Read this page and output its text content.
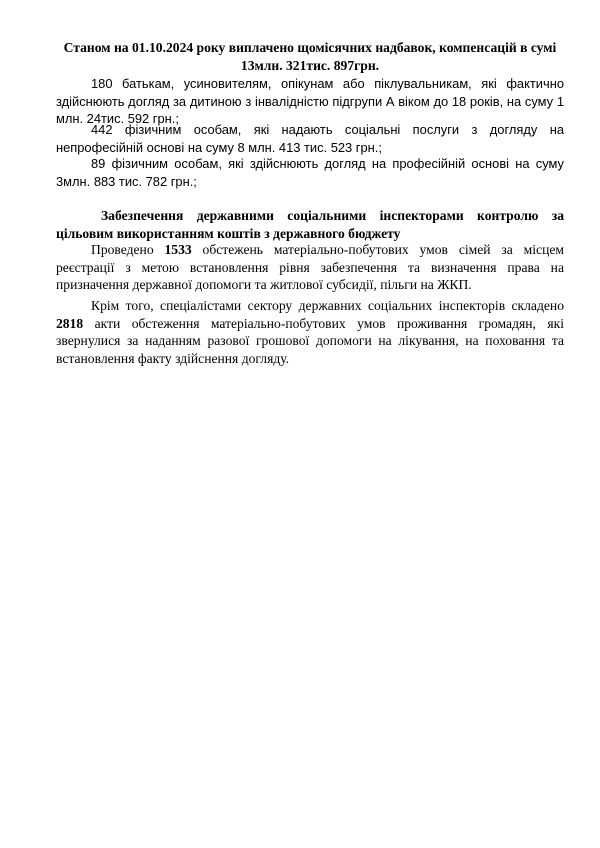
Станом на 01.10.2024 року виплачено щомісячних надбавок, компенсацій в сумі 13млн. 321тис. 897грн.
180 батькам, усиновителям, опікунам або піклувальникам, які фактично здійснюють догляд за дитиною з інвалідністю підгрупи А віком до 18 років, на суму 1 млн. 24тис. 592 грн.;
442 фізичним особам, які надають соціальні послуги з догляду на непрофесійній основі на суму 8 млн. 413 тис. 523 грн.;
89 фізичним особам, які здійснюють догляд на професійній основі на суму 3млн. 883 тис. 782 грн.;
Забезпечення державними соціальними інспекторами контролю за цільовим використанням коштів з державного бюджету
Проведено 1533 обстежень матеріально-побутових умов сімей за місцем реєстрації з метою встановлення рівня забезпечення та визначення права на призначення державної допомоги та житлової субсидії, пільги на ЖКП.
Крім того, спеціалістами сектору державних соціальних інспекторів складено 2818 акти обстеження матеріально-побутових умов проживання громадян, які звернулися за наданням разової грошової допомоги на лікування, на поховання та встановлення факту здійснення догляду.
